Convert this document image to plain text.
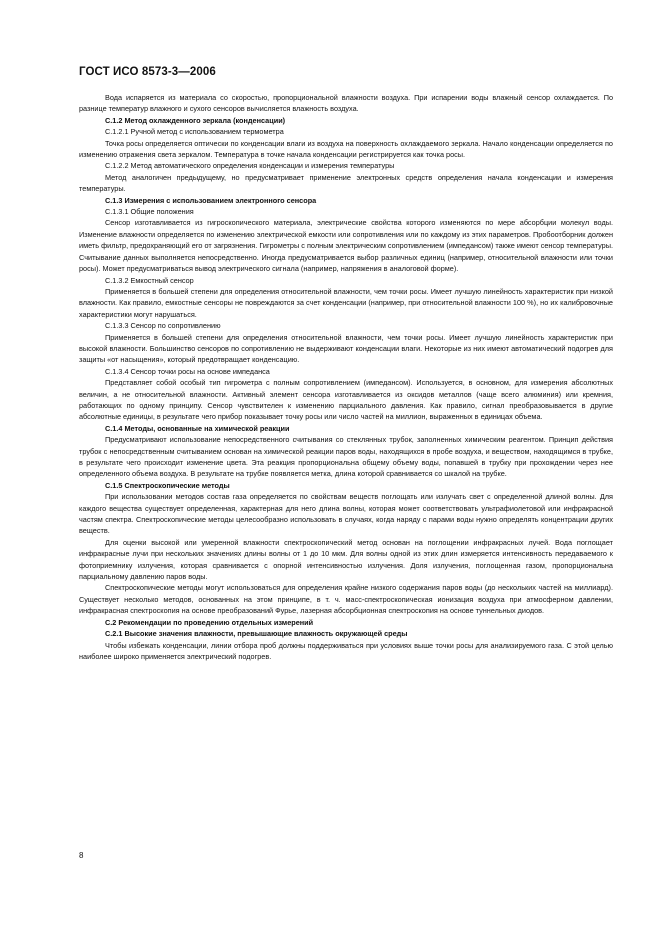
ГОСТ ИСО 8573-3—2006

Вода испаряется из материала со скоростью, пропорциональной влажности воздуха. При испарении воды влажный сенсор охлаждается. По разнице температур влажного и сухого сенсоров вычисляется влажность воздуха.

С.1.2 Метод охлажденного зеркала (конденсации)

С.1.2.1 Ручной метод с использованием термометра

Точка росы определяется оптически по конденсации влаги из воздуха на поверхность охлаждаемого зеркала. Начало конденсации определяется по изменению отражения света зеркалом. Температура в точке начала конденсации регистрируется как точка росы.

С.1.2.2 Метод автоматического определения конденсации и измерения температуры

Метод аналогичен предыдущему, но предусматривает применение электронных средств определения начала конденсации и измерения температуры.

С.1.3 Измерения с использованием электронного сенсора

С.1.3.1 Общие положения

Сенсор изготавливается из гигроскопического материала, электрические свойства которого изменяются по мере абсорбции молекул воды. Изменение влажности определяется по изменению электрической емкости или сопротивления или по каждому из этих параметров. Пробоотборник должен иметь фильтр, предохраняющий его от загрязнения. Гигрометры с полным электрическим сопротивлением (импедансом) также имеют сенсор температуры. Считывание данных выполняется непосредственно. Иногда предусматривается выбор различных единиц (например, относительной влажности или точки росы). Может предусматриваться вывод электрического сигнала (например, напряжения в аналоговой форме).

С.1.3.2 Емкостный сенсор

Применяется в большей степени для определения относительной влажности, чем точки росы. Имеет лучшую линейность характеристик при низкой влажности. Как правило, емкостные сенсоры не повреждаются за счет конденсации (например, при относительной влажности 100 %), но их калибровочные характеристики могут нарушаться.

С.1.3.3 Сенсор по сопротивлению

Применяется в большей степени для определения относительной влажности, чем точки росы. Имеет лучшую линейность характеристик при высокой влажности. Большинство сенсоров по сопротивлению не выдерживают конденсации влаги. Некоторые из них имеют автоматический подогрев для защиты «от насыщения», который предотвращает конденсацию.

С.1.3.4 Сенсор точки росы на основе импеданса

Представляет собой особый тип гигрометра с полным сопротивлением (импедансом). Используется, в основном, для измерения абсолютных величин, а не относительной влажности. Активный элемент сенсора изготавливается из оксидов металлов (чаще всего алюминия) или кремния, работающих по одному принципу. Сенсор чувствителен к изменению парциального давления. Как правило, сигнал преобразовывается в другие абсолютные единицы, в результате чего прибор показывает точку росы или число частей на миллион, выраженных в единицах объема.

С.1.4 Методы, основанные на химической реакции

Предусматривают использование непосредственного считывания со стеклянных трубок, заполненных химическим реагентом. Принцип действия трубок с непосредственным считыванием основан на химической реакции паров воды, находящихся в пробе воздуха, и веществом, находящимся в трубке, в результате чего происходит изменение цвета. Эта реакция пропорциональна общему объему воды, попавшей в трубку при прохождении через нее определенного объема воздуха. В результате на трубке появляется метка, длина которой сравнивается со шкалой на трубке.

С.1.5 Спектроскопические методы

При использовании методов состав газа определяется по свойствам веществ поглощать или излучать свет с определенной длиной волны. Для каждого вещества существует определенная, характерная для него длина волны, которая может соответствовать ультрафиолетовой или инфракрасной частям спектра. Спектроскопические методы целесообразно использовать в случаях, когда наряду с парами воды нужно определять концентрации других веществ.

Для оценки высокой или умеренной влажности спектроскопический метод основан на поглощении инфракрасных лучей. Вода поглощает инфракрасные лучи при нескольких значениях длины волны от 1 до 10 мкм. Для волны одной из этих длин измеряется интенсивность передаваемого к фотоприемнику излучения, которая сравнивается с опорной интенсивностью излучения. Доля излучения, поглощенная газом, пропорциональна парциальному давлению паров воды.

Спектроскопические методы могут использоваться для определения крайне низкого содержания паров воды (до нескольких частей на миллиард). Существует несколько методов, основанных на этом принципе, в т. ч. масс-спектроскопическая ионизация воздуха при атмосферном давлении, инфракрасная спектроскопия на основе преобразований Фурье, лазерная абсорбционная спектроскопия на основе туннельных диодов.

С.2 Рекомендации по проведению отдельных измерений

С.2.1 Высокие значения влажности, превышающие влажность окружающей среды

Чтобы избежать конденсации, линии отбора проб должны поддерживаться при условиях выше точки росы для анализируемого газа. С этой целью наиболее широко применяется электрический подогрев.

8
